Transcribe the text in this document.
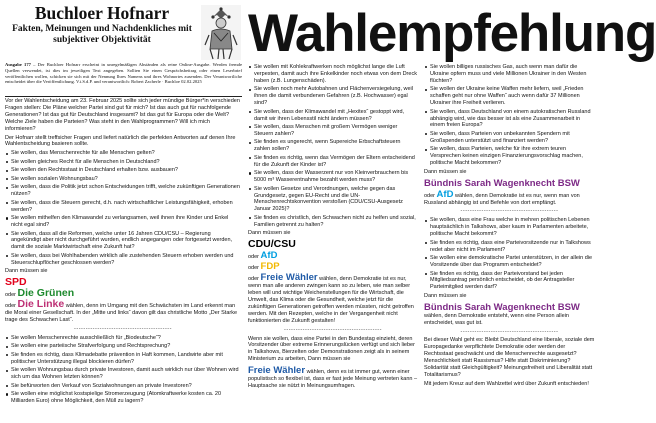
Buchloer Hofnarr
Fakten, Meinungen und Nachdenkliches mit
subjektiver Objektivität	Wahlempfehlung
Ausgabe 177 – Der Buchloer Hofnarr erscheint in unregelmäßigen Abständen als reine Online-Ausgabe. Werden fremde Quellen verwendet, ist dies im jeweiligen Text angegeben. Sollten Sie einen Gesprächsbeitrag oder einen Leserbrief veröffentlichen wollen, schicken sie sich mit der Nennung Ihres Namens und ihres Wohnortes zusenden. Der Verantwortliche entscheidet über die Veröffentlichung. V.i.S.d.P. und verantwortlich: Robert Zacherle · Buchloe 02.02.2025

Vor der Wahlentscheidung am 23. Februar 2025 sollte sich jeder mündige Bürger*in verschieden Fragen stellen: Die Pläne welcher Partei sind gut für mich? Ist das auch gut für nachfolgende Generationen? Ist das gut für Deutschland insgesamt? Ist das gut für Europa oder die Welt? Welche Ziele haben die Parteien? Was steht in den Wahlprogrammen? Will ich mich informieren?

Der Hofnarr stellt treffsicher Fragen und liefert natürlich die perfekten Antworten auf denen Ihre Wahlentscheidung basieren sollte.

Sie wollen, das Menschenrechte für alle Menschen gelten?
Sie wollen gleiches Recht für alle Menschen in Deutschland?
Sie wollen den Rechtsstaat in Deutschland erhalten bzw. ausbauen?
Sie wollen sozialen Wohnungsbau?
Sie wollen, dass die Politik jetzt schon Entscheidungen trifft, welche zukünftigen Generationen nützen?
Sie wollen, dass die Steuern gerecht, d.h. nach wirtschaftlicher Leistungsfähigkeit, erhoben werden?
Sie wollen mithelfen den Klimawandel zu verlangsamen, weil ihnen ihre Kinder und Enkel nicht egal sind?
Sie wollen, dass all die Reformen, welche unter 16 Jahren CDU/CSU – Regierung angekündigt aber nicht durchgeführt wurden, endlich angegangen oder fortgesetzt werden, damit die soziale Marktwirtschaft eine Zukunft hat?
Sie wollen, dass bei Wohlhabenden wirklich alle zustehenden Steuern erhoben werden und Steuerschlupflöcher geschlossen werden?

Dann müssen sie

SPD
oder Die Grünen

oder Die Linke wählen, denn im Umgang mit den Schwächsten im Land erkennt man die Moral einer Gesellschaft. In der „Mitte und links“ davon gilt das christliche Motto „Der Starke trage des Schwachen Last“.

------------------------------------------
Sie wollen Menschenrechte ausschließlich für „Biodeutsche“?
Sie wollen eine parteiische Strafverfolgung und Rechtsprechung?
Sie finden es richtig, dass Klimadebatte prävention in Haft kommen, Landwirte aber mit politischer Unterstützung illegal blockieren dürfen?
Sie wollen Wohnungsbau durch private Investoren, damit auch wirklich nur über Wohnen wird sich um das Wohnen letzten können?
Sie befürworten den Verkauf von Sozialwohnungen an private Investoren?
Sie wollen eine möglichst kostspielige Stromerzeugung (Atomkraftwerke kosten ca. 20 Milliarden Euro) ohne Möglichkeit, den Müll zu lagern?
Sie wollen mit Kohlekraftwerken noch möglichst lange die Luft verpesten, damit auch ihre Enkelkinder noch etwas von dem Dreck haben (z.B. Lungenschäden).
Sie wollen noch mehr Autobahnen und Flächenversiegelung, weil ihnen die damit verbundenen Gefahren (z.B. Hochwasser) egal sind?
Sie wollen, dass der Klimawandel mit „Hexitex“ gestoppt wird, damit wir ihren Lebensstil nicht ändern müssen?
Sie wollen, dass Menschen mit großem Vermögen weniger Steuern zahlen?
Sie finden es ungerecht, wenn Supereiche Erbschaftsteuern zahlen sollen?
Sie finden es richtig, wenn das Vermögen der Eltern entscheidend für die Zukunft der Kinder ist?
Sie wollen, dass der Wasserzent nur von Kleinverbrauchern bis 5000 m³ Wasserentnahme bezahlt werden muss?
Sie wollen Gesetze und Verordnungen, welche gegen das Grundgesetz, gegen EU-Recht und die UN-Menschenrechtskonvention verstoßen (CDU/CSU-Ausgesetz Januar 2025)?
Sie finden es christlich, den Schwachen nicht zu helfen und sozial, Familien getrennt zu halten?

Dann müssen sie

CDU/CSU
oder AfD
oder FDP

oder Freie Wähler wählen, denn Demokratie ist es nur, wenn man alle anderen zwingen kann so zu leben, wie man selber leben will und wichtige Weichenstellungen für die Wirtschaft, die Umwelt, das Klima oder die Gesundheit, welche jetzt für die zukünftigen Generationen getroffen werden müssten, nicht getroffen werden. Mit den Rezepten, welche in der Vergangenheit nicht funktionierten die Zukunft gestalten!

------------------------------------------

Wenn sie wollen, dass eine Partei in den Bundestag einzieht, deren Vorsitzender über extreme Erinnerungslücken verfügt und sich lieber in Talkshows, Bierzelten oder Demonstrationen zeigt als in seinem Ministerium zu arbeiten, Dann müssen sie

Freie Wähler wählen, denn es ist immer gut, wenn einer populistisch so flexibel ist, dass er fast jede Meinung vertreten kann – Hauptsache sie nützt in Meinungsumfragen.

Sie wollen billiges russisches Gas, auch wenn man dafür die Ukraine opfern muss und viele Millionen Ukrainer in den Westen flüchten?
Sie wollen der Ukraine keine Waffen mehr liefern, weil „Frieden schaffen geht nur ohne Waffen“ auch wenn dafür 37 Millionen Ukrainer ihre Freiheit verlieren.
Sie wollen, dass Deutschland von einem autokratischen Russland abhängig wird, wie das besser ist als eine Zusammenarbeit in einem freien Europa?
Sie wollen, dass Parteien von unbekannten Spendern mit Großspenden unterstützt und finanziert werden?
Sie wollen, dass Parteien, welche für ihre extrem teuren Versprechen keinen einzigen Finanzierungsvorschlag machen, politische Macht bekommen?

Dann müssen sie

Bündnis Sarah Wagenknecht BSW

oder AfD wählen, denn Demokratie ist es nur, wenn man von Russland abhängig ist und Befehle von dort empfängt.

------------------------------------------
Sie wollen, dass eine Frau welche in mehren politischen Lebenen hauptsächlich in Talkshows, aber kaum in Parlamenten arbeitete, politische Macht bekommt?
Sie finden es richtig, dass eine Parteivorsitzende nur in Talkshows redet aber nicht im Parlament?
Sie wollen eine demokratische Partei unterstützen, in der allein die Vorsitzende über das Programm entscheidet?
Sie finden es richtig, dass der Parteivorstand bei jeden Mitgliedsantrag persönlich entscheidet, ob der Antragsteller Parteimitglied werden darf?

Dann müssen sie

Bündnis Sarah Wagenknecht BSW

wählen, denn Demokratie entsteht, wenn eine Person allein entscheidet, was gut ist.

------------------------------------------

Bei dieser Wahl geht es: Bleibt Deutschland eine liberale, soziale dem Europagedanke verpflichtete Demokratie oder werden der Rechtsstaat geschwächt und die Menschenrechte ausgesetzt? Menschlichkeit statt Rassismus? Hilfe statt Diskriminierung? Solidarität statt Gleichgültigkeit? Meinungsfreiheit und Liberalität statt Totalitarismus?

Mit jedem Kreuz auf dem Wahlzettel wird über Zukunft entschieden!
